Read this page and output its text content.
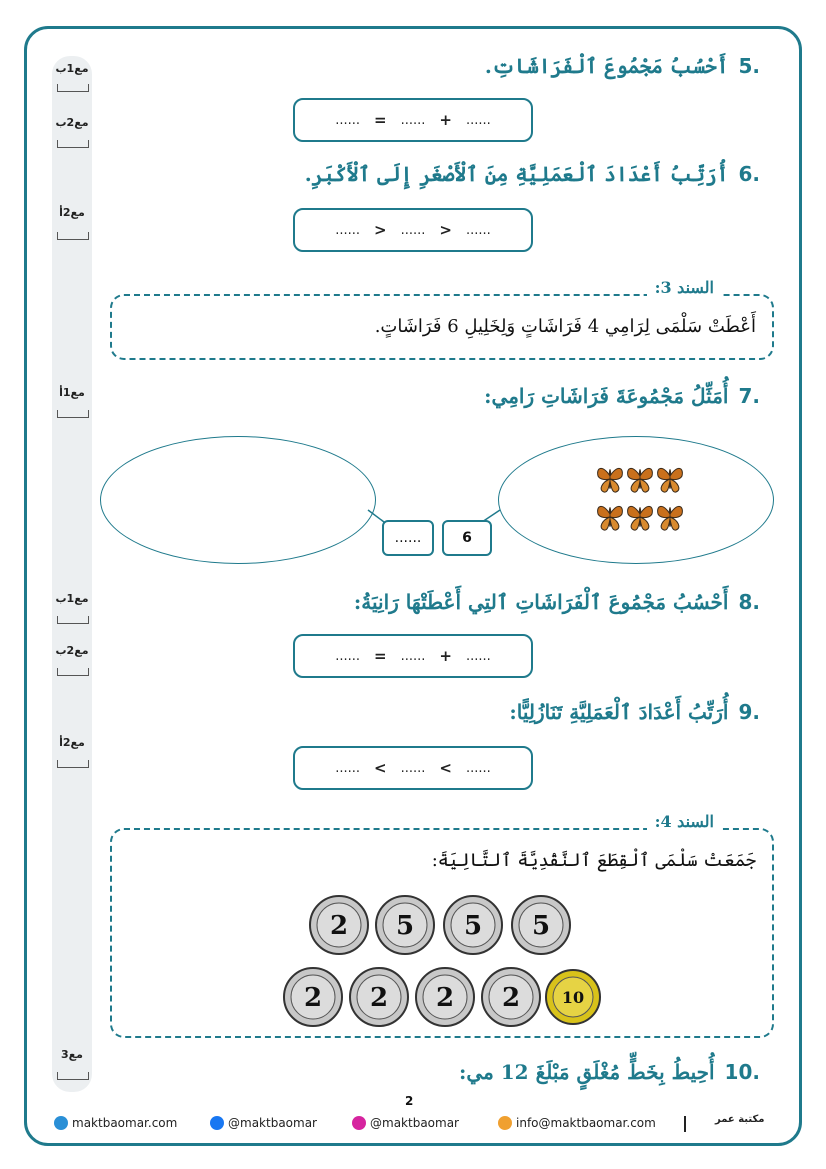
مع1ب
مع2ب
مع2أ
مع1أ
مع1ب
مع2ب
مع2أ
مع3
.5أَحْسُبُ مَجْمُوعَ ٱلْفَرَاشَاتِ.
...... = ...... + ......
.6أُرَتِّبُ أَعْدَادَ ٱلْعَمَلِيَّةِ مِنَ ٱلْأَصْغَرِ إِلَى ٱلْأَكْبَرِ.
...... > ...... > ......
السند 3:
أَعْطَتْ سَلْمَى لِرَامِي 4 فَرَاشَاتٍ وَلِخَلِيلِ 6 فَرَاشَاتٍ.
.7أُمَثِّلُ مَجْمُوعَةَ فَرَاشَاتِ رَامِي:
......	6
.8أَحْسُبُ مَجْمُوعَ ٱلْفَرَاشَاتِ ٱلتِي أَعْطَتْهَا رَانِيَةُ:
...... = ...... + ......
.9أُرَتِّبُ أَعْدَادَ ٱلْعَمَلِيَّةِ تَنَازُلِيًّا:
...... < ...... < ......
السند 4:
جَمَعَتْ سَلْمَى ٱلْقِطَعَ ٱلنَّقْدِيَّةَ ٱلتَّالِيَةَ:
2 5 5 5
2 2 2 2	10
.10أُحِيطُ بِخَطٍّ مُغْلَقٍ مَبْلَغَ 12 مي:
2
maktbaomar.com	@maktbaomar	@maktbaomar	info@maktbaomar.com	مكتبة عمر
